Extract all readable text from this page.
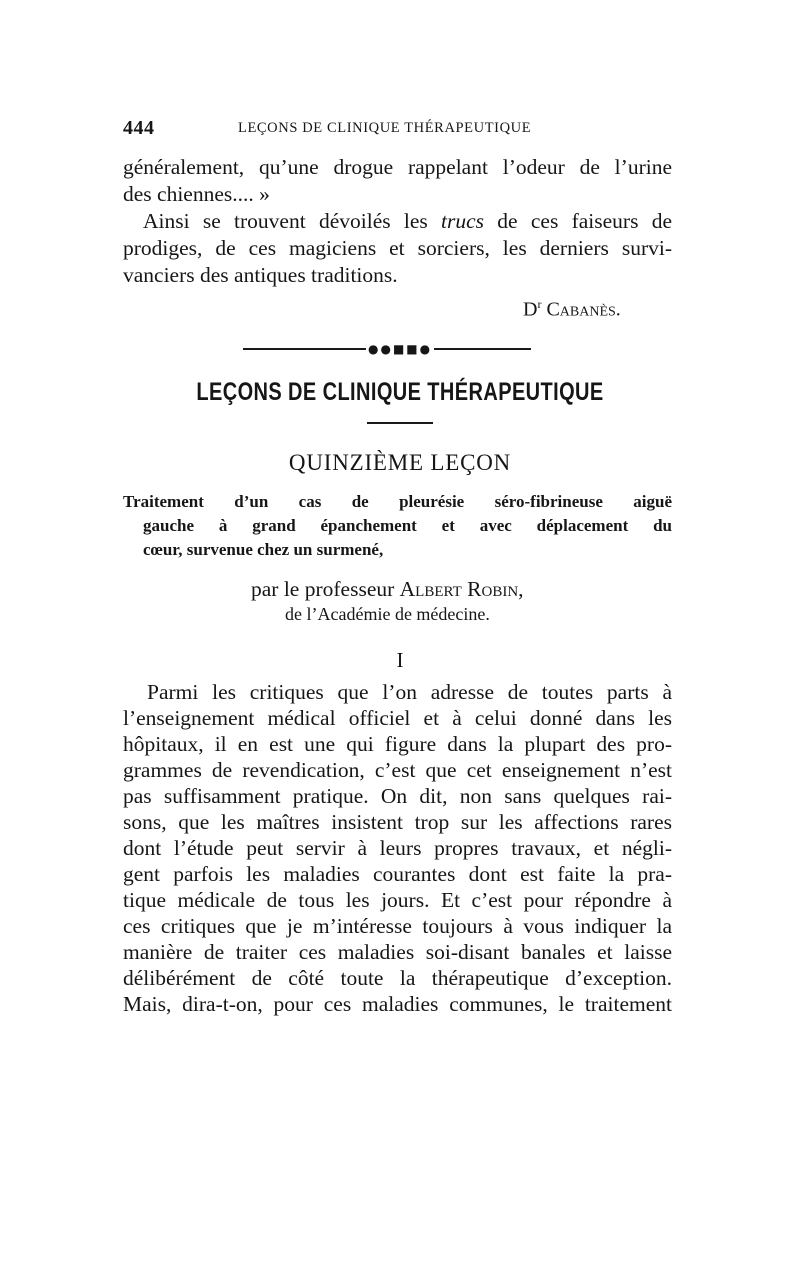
444	LEÇONS DE CLINIQUE THÉRAPEUTIQUE
généralement, qu’une drogue rappelant l’odeur de l’urine
des chiennes.... »
Ainsi se trouvent dévoilés les trucs de ces faiseurs de
prodiges, de ces magiciens et sorciers, les derniers survi-
vanciers des antiques traditions.
$D^r$ Cabanès.
●●■■●
LEÇONS DE CLINIQUE THÉRAPEUTIQUE
QUINZIÈME LEÇON
Traitement d’un cas de pleurésie séro-fibrineuse aiguë
gauche à grand épanchement et avec déplacement du
cœur, survenue chez un surmené,
par le professeur Albert Robin,
de l’Académie de médecine.
I
Parmi les critiques que l’on adresse de toutes parts à
l’enseignement médical officiel et à celui donné dans les
hôpitaux, il en est une qui figure dans la plupart des pro-
grammes de revendication, c’est que cet enseignement n’est
pas suffisamment pratique. On dit, non sans quelques rai-
sons, que les maîtres insistent trop sur les affections rares
dont l’étude peut servir à leurs propres travaux, et négli-
gent parfois les maladies courantes dont est faite la pra-
tique médicale de tous les jours. Et c’est pour répondre à
ces critiques que je m’intéresse toujours à vous indiquer la
manière de traiter ces maladies soi-disant banales et laisse
délibérément de côté toute la thérapeutique d’exception.
Mais, dira-t-on, pour ces maladies communes, le traitement
